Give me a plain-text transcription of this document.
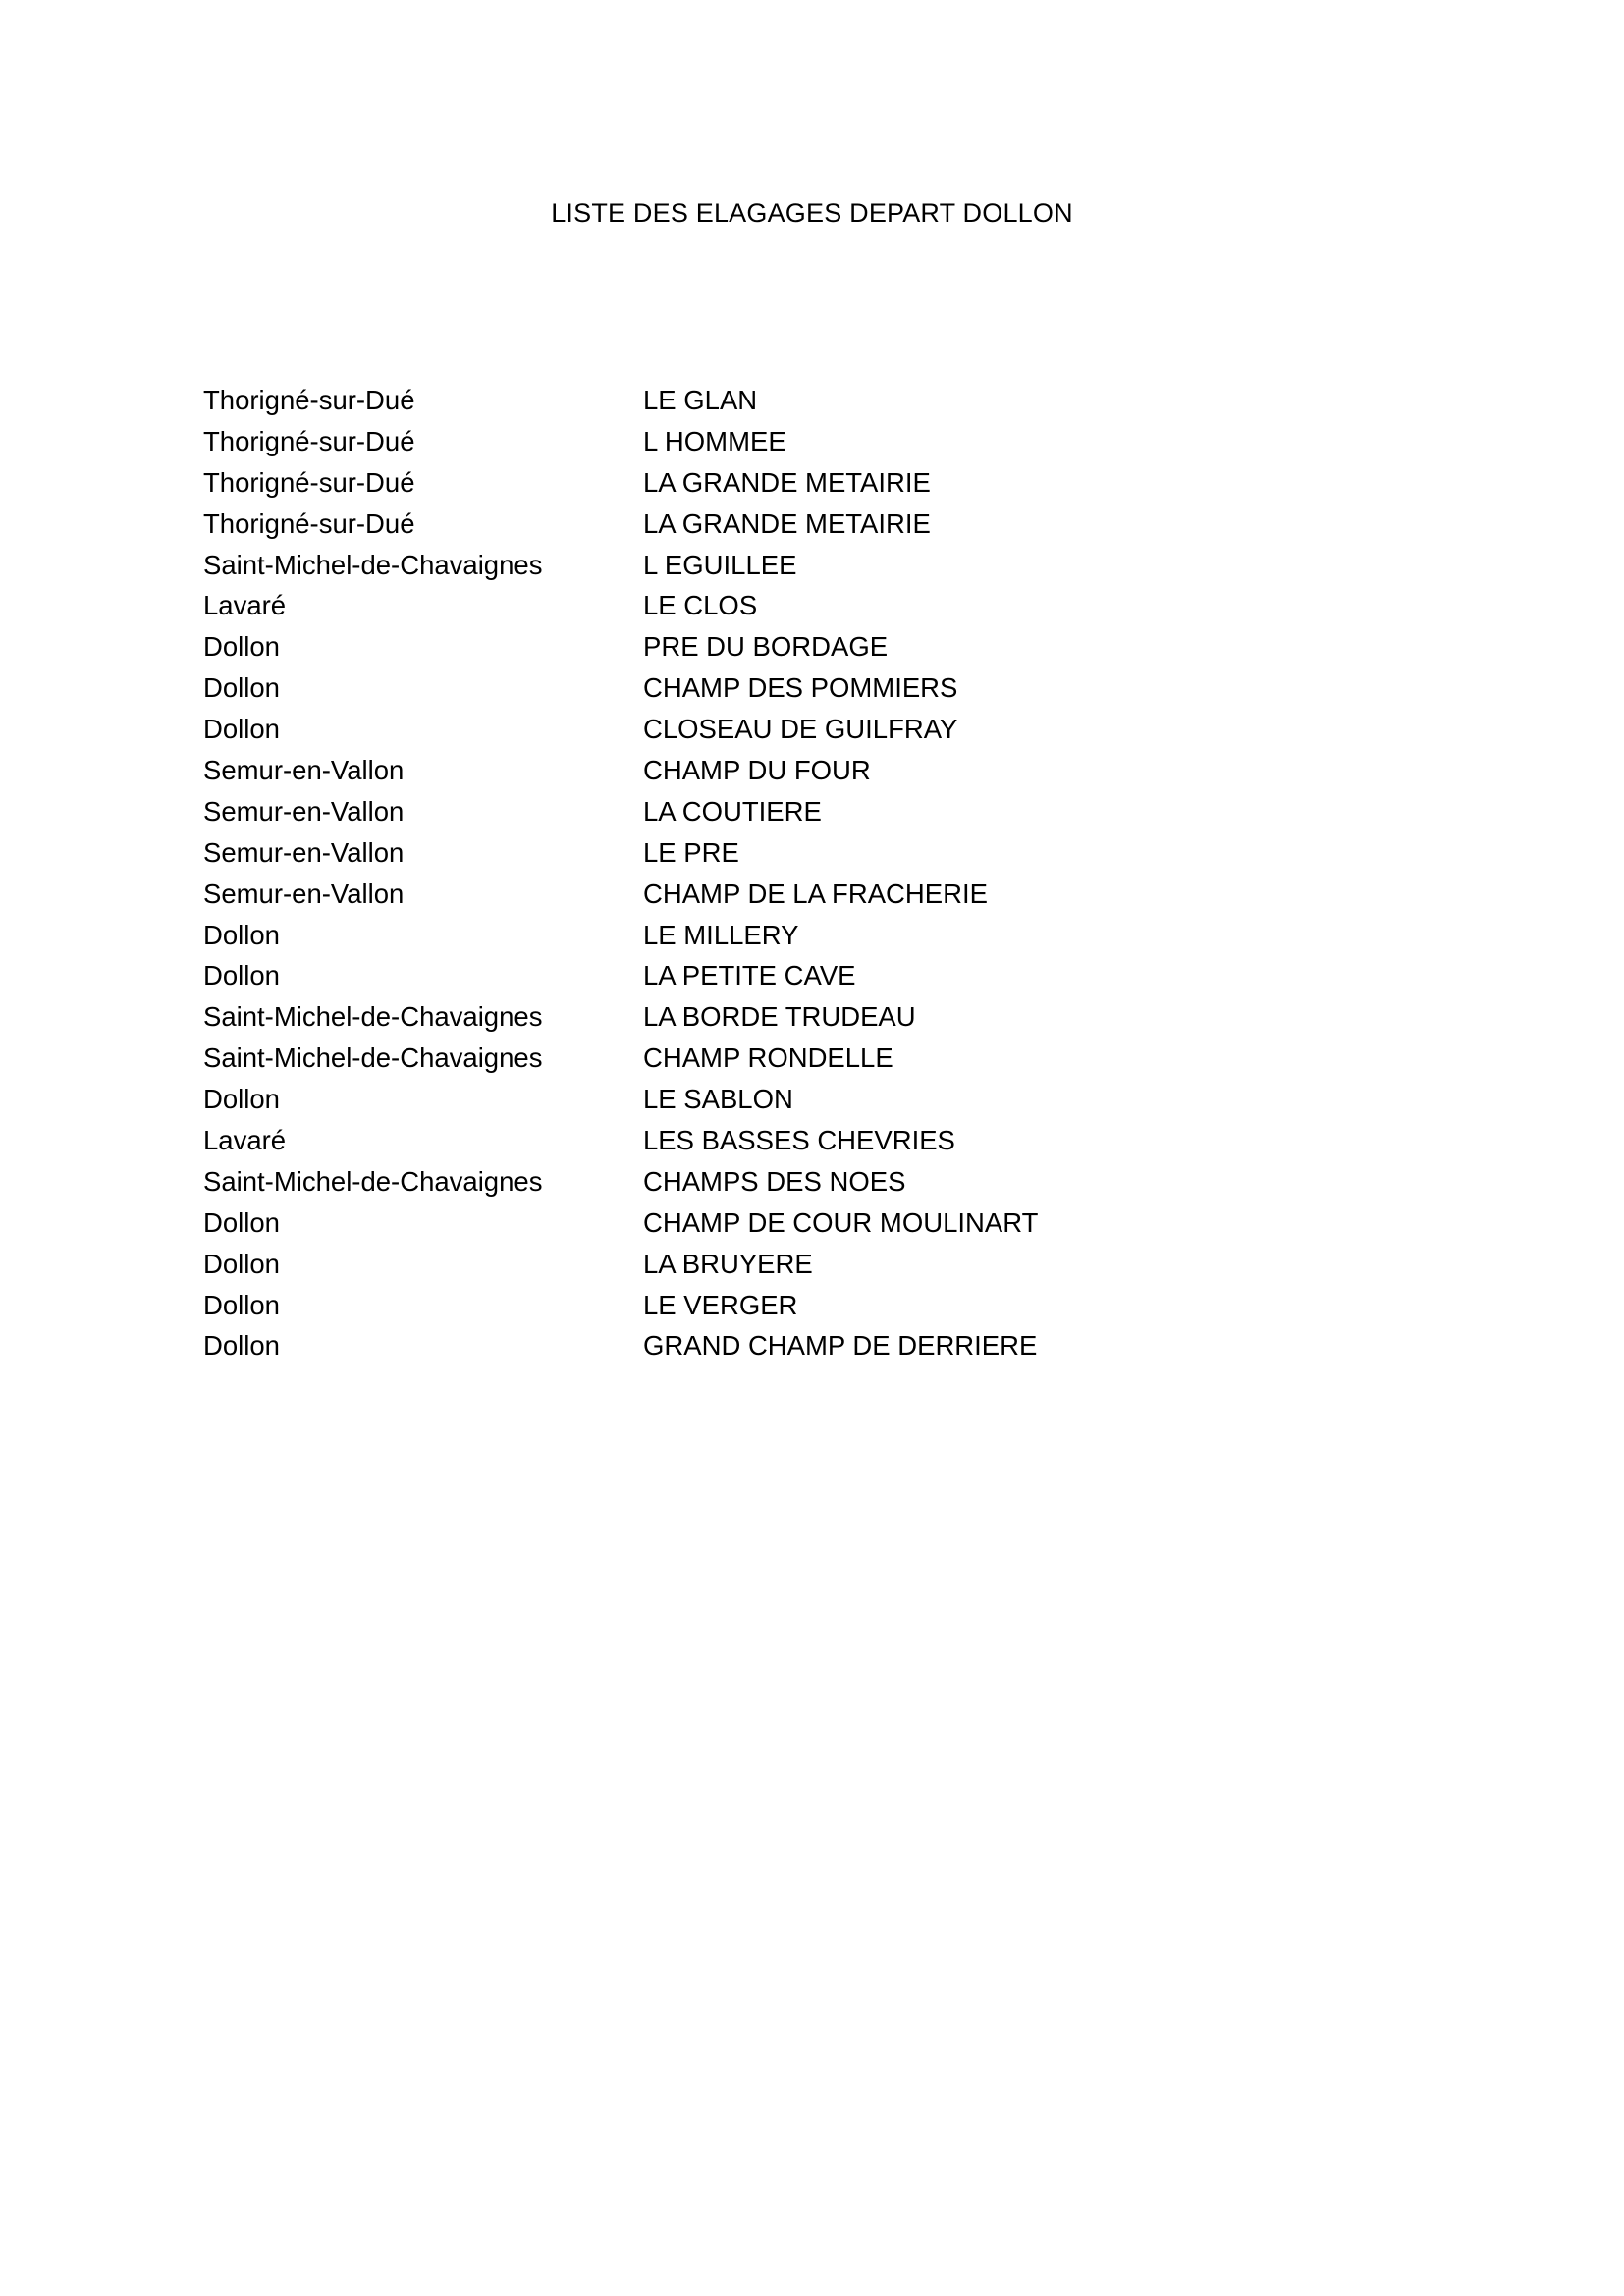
LISTE DES ELAGAGES DEPART DOLLON
Thorigné-sur-Dué	LE GLAN
Thorigné-sur-Dué	L HOMMEE
Thorigné-sur-Dué	LA GRANDE METAIRIE
Thorigné-sur-Dué	LA GRANDE METAIRIE
Saint-Michel-de-Chavaignes	L EGUILLEE
Lavaré	LE CLOS
Dollon	PRE DU BORDAGE
Dollon	CHAMP DES POMMIERS
Dollon	CLOSEAU DE GUILFRAY
Semur-en-Vallon	CHAMP DU FOUR
Semur-en-Vallon	LA COUTIERE
Semur-en-Vallon	LE PRE
Semur-en-Vallon	CHAMP DE LA FRACHERIE
Dollon	LE MILLERY
Dollon	LA PETITE CAVE
Saint-Michel-de-Chavaignes	LA BORDE TRUDEAU
Saint-Michel-de-Chavaignes	CHAMP RONDELLE
Dollon	LE SABLON
Lavaré	LES BASSES CHEVRIES
Saint-Michel-de-Chavaignes	CHAMPS DES NOES
Dollon	CHAMP DE COUR MOULINART
Dollon	LA BRUYERE
Dollon	LE VERGER
Dollon	GRAND CHAMP DE DERRIERE
